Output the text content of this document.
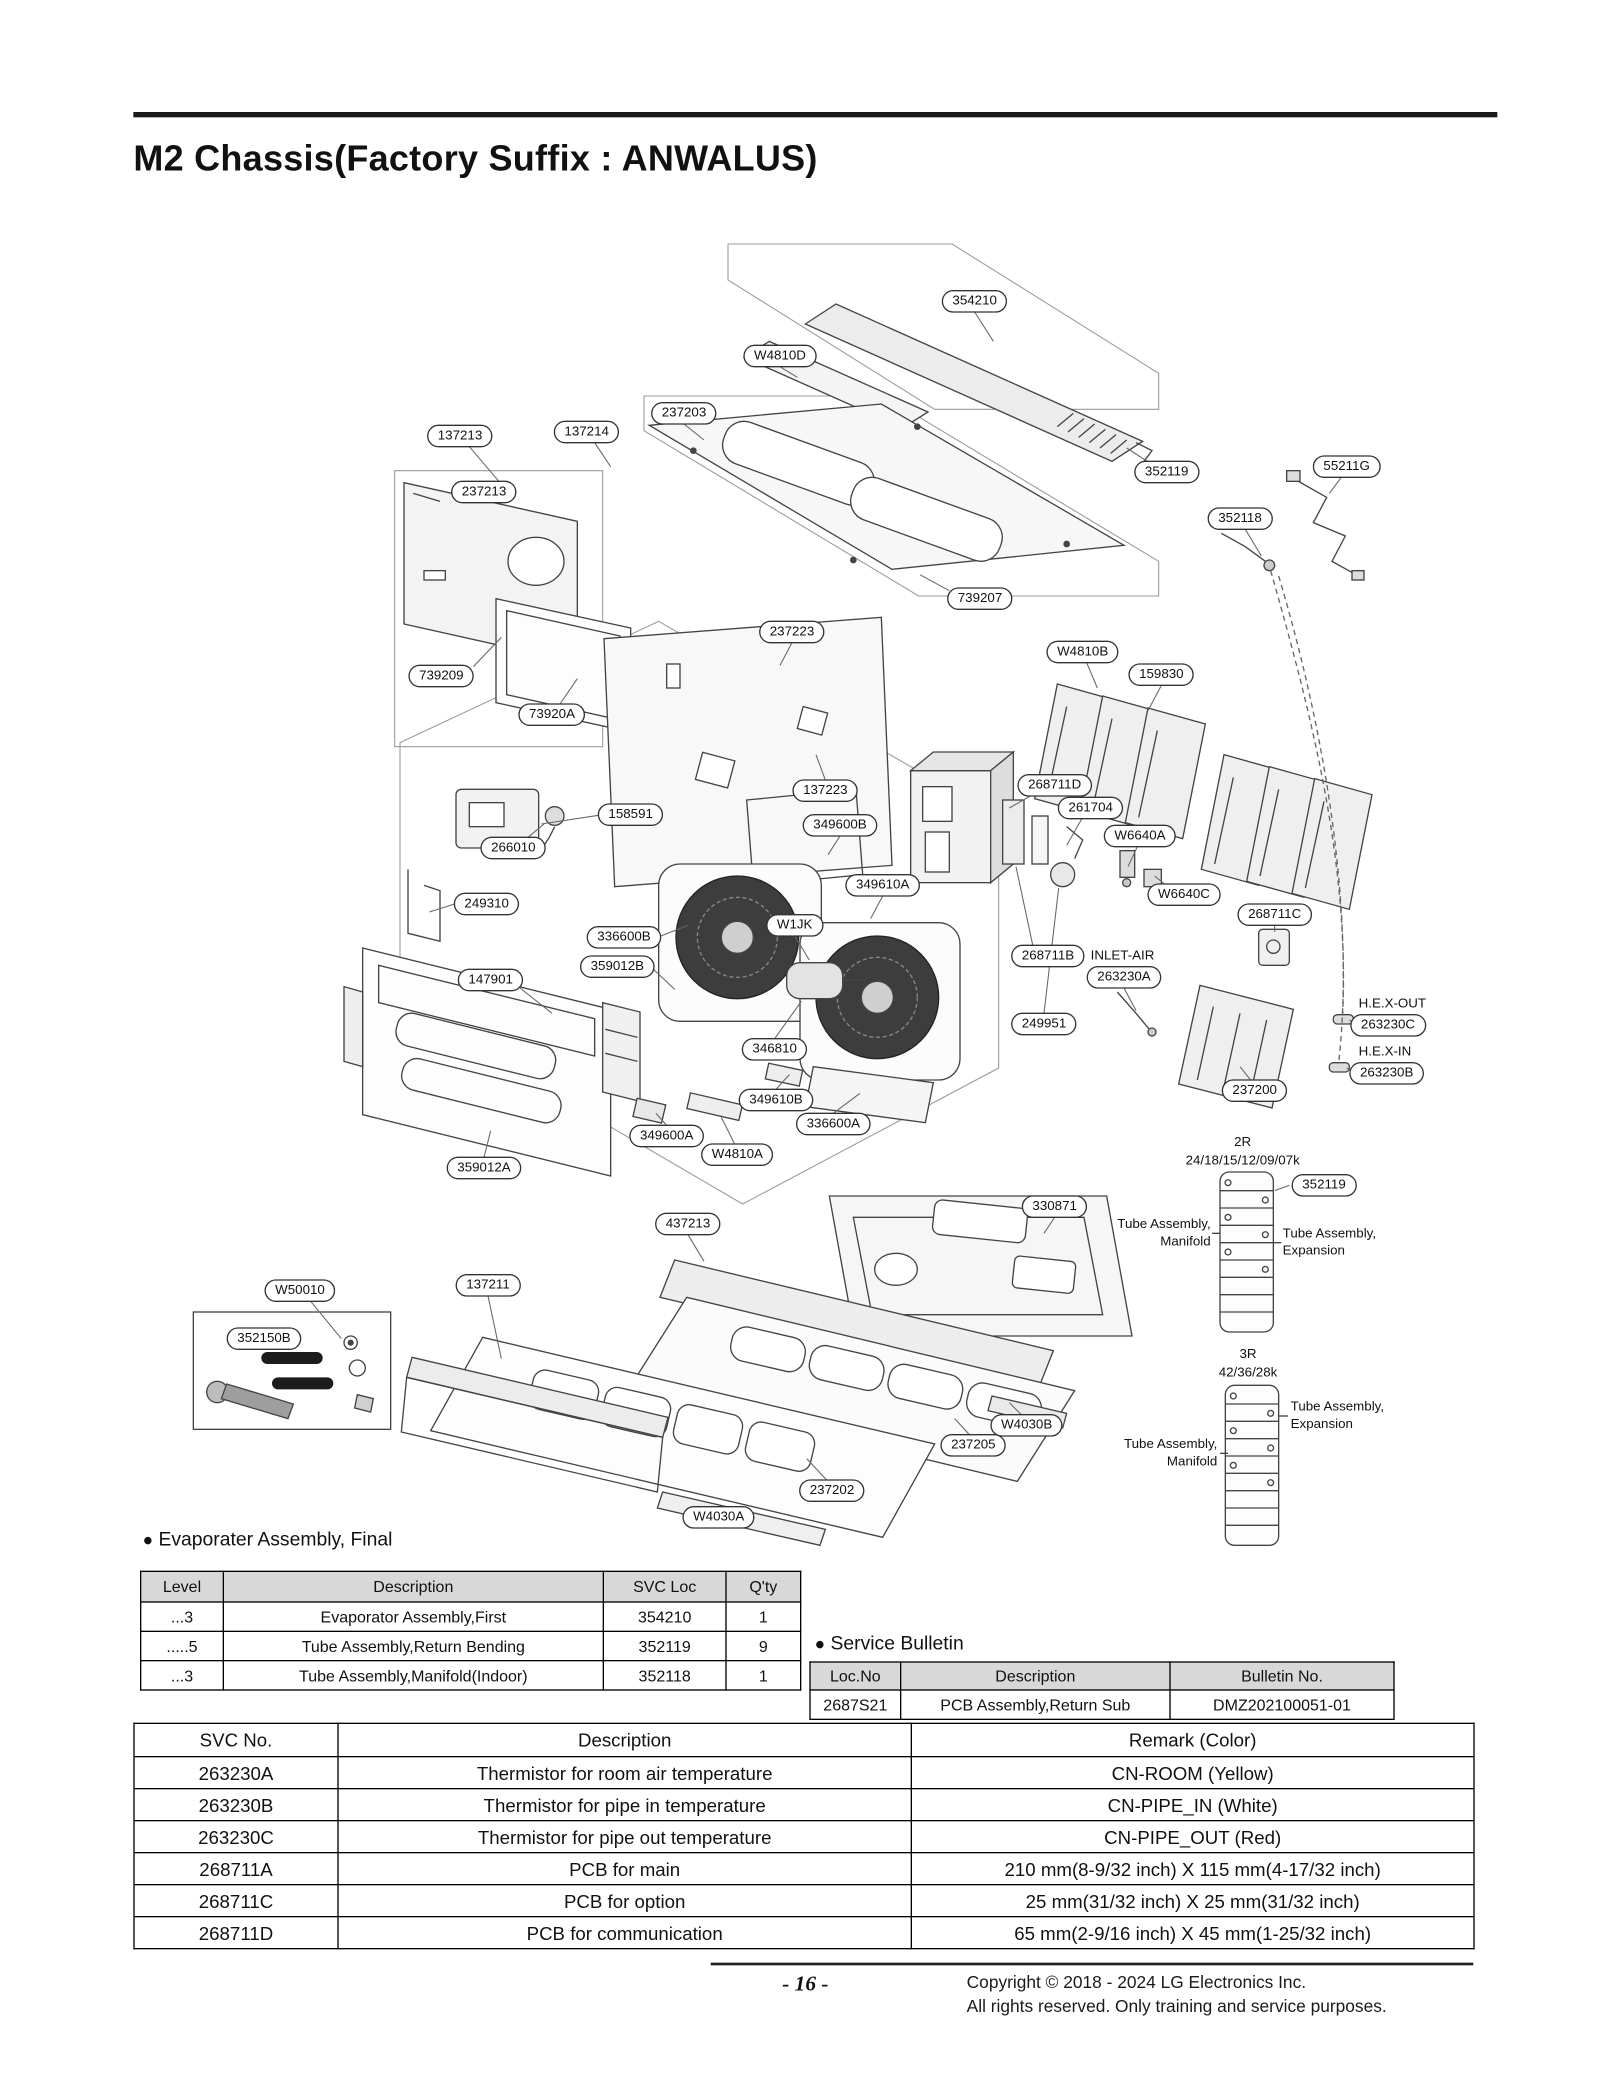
M2 Chassis(Factory Suffix : ANWALUS)
354210
W4810D
237203
137213	137214
352119	55211G
237213
352118
739207
237223
W4810B
159830
739209
73920A
137223	268711D
261704
349600B
W6640A
158591
266010
349610A
W6640C
268711C
249310
W1JK
336600B
359012B
268711B
263230A
147901
249951	263230C
263230B
346810
237200
349610B
336600A
349600A
W4810A
359012A
352119
437213
330871
137211
W50010
352150B
W4030B
237205
237202
W4030A
INLET-AIR
H.E.X-OUT
H.E.X-IN
2R
24/18/15/12/09/07k
Tube Assembly,
Manifold
Tube Assembly,
Expansion
3R
42/36/28k
Tube Assembly,
Expansion
Tube Assembly,
Manifold
● Evaporater Assembly, Final
Level	Description	SVC Loc	Q'ty
...3	Evaporator Assembly,First	354210	1
.....5	Tube Assembly,Return Bending	352119	9
...3	Tube Assembly,Manifold(Indoor)	352118	1
● Service Bulletin
Loc.No	Description	Bulletin No.
2687S21	PCB Assembly,Return Sub	DMZ202100051-01
SVC No.	Description	Remark (Color)
263230A	Thermistor for room air temperature	CN-ROOM (Yellow)
263230B	Thermistor for pipe in temperature	CN-PIPE_IN (White)
263230C	Thermistor for pipe out temperature	CN-PIPE_OUT (Red)
268711A	PCB for main	210 mm(8-9/32 inch) X 115 mm(4-17/32 inch)
268711C	PCB for option	25 mm(31/32 inch) X 25 mm(31/32 inch)
268711D	PCB for communication	65 mm(2-9/16 inch) X 45 mm(1-25/32 inch)
- 16 -	Copyright © 2018 - 2024 LG Electronics Inc.
All rights reserved. Only training and service purposes.
